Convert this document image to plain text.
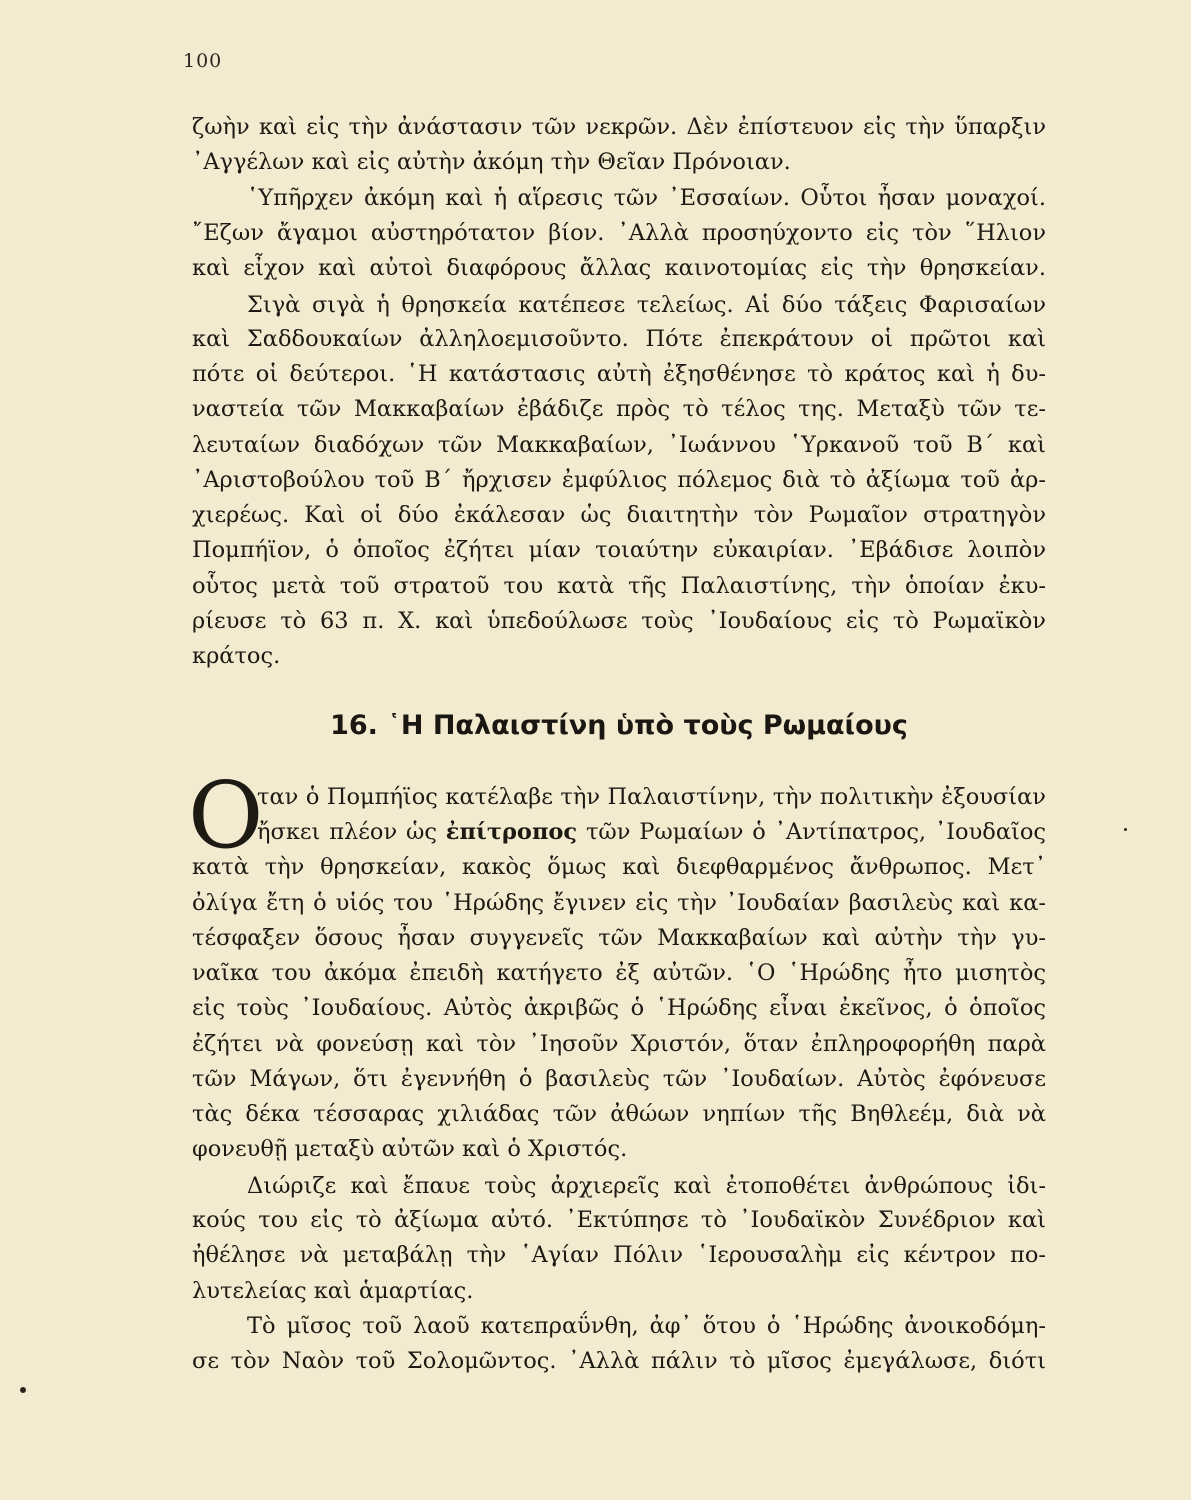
100
ζωὴν καὶ εἰς τὴν ἀνάστασιν τῶν νεκρῶν. Δὲν ἐπίστευον εἰς τὴν ὕπαρξιν
᾽Αγγέλων καὶ εἰς αὐτὴν ἀκόμη τὴν Θεῖαν Πρόνοιαν.
῾Υπῆρχεν ἀκόμη καὶ ἡ αἵρεσις τῶν ᾽Εσσαίων. Οὗτοι ἦσαν μοναχοί.
῎Εζων ἄγαμοι αὐστηρότατον βίον. ᾽Αλλὰ προσηύχοντο εἰς τὸν ῞Ηλιον
καὶ εἶχον καὶ αὐτοὶ διαφόρους ἄλλας καινοτομίας εἰς τὴν θρησκείαν.
Σιγὰ σιγὰ ἡ θρησκεία κατέπεσε τελείως. Αἱ δύο τάξεις Φαρισαίων
καὶ Σαδδουκαίων ἀλληλοεμισοῦντο. Πότε ἐπεκράτουν οἱ πρῶτοι καὶ
πότε οἱ δεύτεροι. ῾Η κατάστασις αὐτὴ ἐξησθένησε τὸ κράτος καὶ ἡ δυ-
ναστεία τῶν Μακκαβαίων ἐβάδιζε πρὸς τὸ τέλος της. Μεταξὺ τῶν τε-
λευταίων διαδόχων τῶν Μακκαβαίων, ᾽Ιωάννου ῾Υρκανοῦ τοῦ Β΄ καὶ
᾽Αριστοβούλου τοῦ Β΄ ἤρχισεν ἐμφύλιος πόλεμος διὰ τὸ ἀξίωμα τοῦ ἀρ-
χιερέως. Καὶ οἱ δύο ἐκάλεσαν ὡς διαιτητὴν τὸν Ρωμαῖον στρατηγὸν
Πομπήϊον, ὁ ὁποῖος ἐζήτει μίαν τοιαύτην εὐκαιρίαν. ᾽Εβάδισε λοιπὸν
οὗτος μετὰ τοῦ στρατοῦ του κατὰ τῆς Παλαιστίνης, τὴν ὁποίαν ἐκυ-
ρίευσε τὸ 63 π. Χ. καὶ ὑπεδούλωσε τοὺς ᾽Ιουδαίους εἰς τὸ Ρωμαϊκὸν
κράτος.
16. ῾Η Παλαιστίνη ὑπὸ τοὺς Ρωμαίους
Ο
ταν ὁ Πομπήϊος κατέλαβε τὴν Παλαιστίνην, τὴν πολιτικὴν ἐξουσίαν
ἤσκει πλέον ὡς ἐπίτροπος τῶν Ρωμαίων ὁ ᾽Αντίπατρος, ᾽Ιουδαῖος
κατὰ τὴν θρησκείαν, κακὸς ὅμως καὶ διεφθαρμένος ἄνθρωπος. Μετ᾽
ὀλίγα ἔτη ὁ υἱός του ῾Ηρώδης ἔγινεν εἰς τὴν ᾽Ιουδαίαν βασιλεὺς καὶ κα-
τέσφαξεν ὅσους ἦσαν συγγενεῖς τῶν Μακκαβαίων καὶ αὐτὴν τὴν γυ-
ναῖκα του ἀκόμα ἐπειδὴ κατήγετο ἐξ αὐτῶν. ῾Ο ῾Ηρώδης ἦτο μισητὸς
εἰς τοὺς ᾽Ιουδαίους. Αὐτὸς ἀκριβῶς ὁ ῾Ηρώδης εἶναι ἐκεῖνος, ὁ ὁποῖος
ἐζήτει νὰ φονεύσῃ καὶ τὸν ᾽Ιησοῦν Χριστόν, ὅταν ἐπληροφορήθη παρὰ
τῶν Μάγων, ὅτι ἐγεννήθη ὁ βασιλεὺς τῶν ᾽Ιουδαίων. Αὐτὸς ἐφόνευσε
τὰς δέκα τέσσαρας χιλιάδας τῶν ἀθώων νηπίων τῆς Βηθλεέμ, διὰ νὰ
φονευθῇ μεταξὺ αὐτῶν καὶ ὁ Χριστός.
Διώριζε καὶ ἔπαυε τοὺς ἀρχιερεῖς καὶ ἐτοποθέτει ἀνθρώπους ἰδι-
κούς του εἰς τὸ ἀξίωμα αὐτό. ᾽Εκτύπησε τὸ ᾽Ιουδαϊκὸν Συνέδριον καὶ
ἠθέλησε νὰ μεταβάλῃ τὴν ῾Αγίαν Πόλιν ῾Ιερουσαλὴμ εἰς κέντρον πο-
λυτελείας καὶ ἁμαρτίας.
Τὸ μῖσος τοῦ λαοῦ κατεπραΰνθη, ἀφ᾽ ὅτου ὁ ῾Ηρώδης ἀνοικοδόμη-
σε τὸν Ναὸν τοῦ Σολομῶντος. ᾽Αλλὰ πάλιν τὸ μῖσος ἐμεγάλωσε, διότι
